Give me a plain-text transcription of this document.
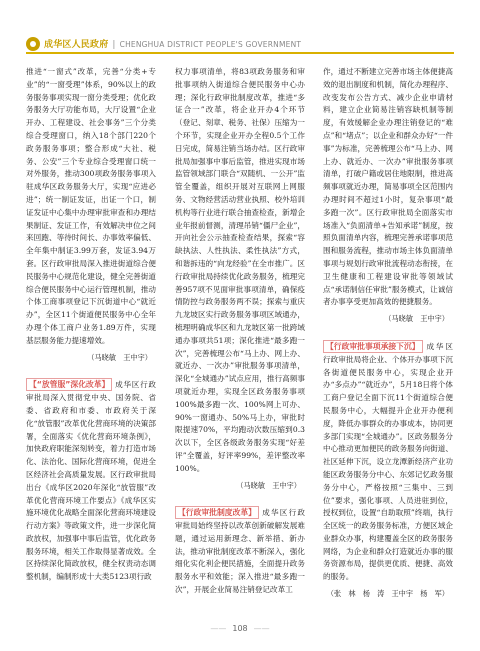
成华区人民政府 | CHENGHUA DISTRICT PEOPLE'S GOVERNMENT

推进“一窗式”改革，完善“分类+专业”的“一窗受理”体系，90%以上的政务服务事项实现一窗分类受理；优化政务服务大厅功能布局，大厅设置“企业开办、工程建设、社会事务”三个分类综合受理窗口，纳入18个部门220个政务服务事项；整合形成“大社、税务、公安”三个专业综合受理窗口统一对外服务，推动300项政务服务事项入驻成华区政务服务大厅，实现“应进必进”；统一制证发证，出证一个口，制证发证中心集中办理审批审查和办理结果制证、发证工作，有效解决申位之间来回跑、等待时间长、办事效率偏低、全年集中制证3.99万套，发证3.94万套。区行政审批局深入推进街道综合便民服务中心规范化建设，健全完善街道综合便民服务中心运行管理机制，推动个体工商事项登记下沉街道中心“就近办”，全区11个街道便民服务中心全年办理个体工商户业务1.89万件，实现基层服务能力提速增效。

（马晓敏　王中宇）

【“放管服”深化改革】 成华区行政审批局深入贯彻党中央、国务院、省委、省政府和市委、市政府关于深化“放管服”改革优化营商环境的决策部署，全面落实《优化营商环境条例》，加快政府职能深刻转变，着力打造市场化、法治化、国际化营商环境，促进全区经济社会高质量发展。区行政审批局出台《成华区2020年深化“放管服”改革优化营商环境工作要点》《成华区实施环境优化战略全面深化营商环境建设行动方案》等政策文件，进一步深化简政放权，加强事中事后监管，优化政务服务环境，相关工作取得显著成效。全区持续深化简政放权，健全权责动态调整机制，编制形成十大类5123项行政

权力事项清单，将83项政务服务和审批事项纳入街道综合便民服务中心办理；深化行政审批制度改革，推进“多证合一”改革，将企业开办4个环节（登记、刻章、税务、社保）压缩为一个环节，实现企业开办全程0.5个工作日完成，简易注销当场办结。区行政审批局加强事中事后监管，推进实现市场监管领域部门联合“双随机、一公开”监管全覆盖，组织开展对互联网上网服务、文物经营活动营业执照、校外培训机构等行业进行联合抽查检查，新增企业年报前督测，清理吊销“僵尸企业”，开向社会公示抽查检查结果，探索“容缺执法、人性执法、柔性执法”方式，和谐拆违的“向龙经验”在全市推广。区行政审批局持续优化政务服务，梳理完善957项不见面审批事项清单，确保疫情防控与政务服务两不误；探索与重庆九龙坡区实行政务服务事项区域通办，梳理明确成华区和九龙坡区第一批跨域通办事项共51项；深化推进“最多跑一次”，完善梳理公布“马上办、网上办、就近办、一次办”审批服务事项清单，深化“全城通办”试点应用，推行高频事项就近办理，实现全区政务服务事项100%最多跑一次、100%网上可办、90%一窗通办、50%马上办，审批时限提速70%，平均跑动次数压缩到0.3次以下，全区各级政务服务实现“好差评”全覆盖，好评率99%，差评整改率100%。

（马晓敏　王中宇）

【行政审批制度改革】 成华区行政审批局始终坚持以改革创新破解发展难题，通过运用新理念、新举措、新办法，推动审批制度改革不断深入，强化细化实化利企便民措施，全面提升政务服务水平和效能；深入推进“最多跑一次”，开展企业简易注销登记改革工

作，通过不断建立完善市场主体便捷高效的退出制度和机制，简化办理程序、改变发布公告方式、减少企业申请材料，建立企业简易注销容缺机制等制度，有效缓解企业办理注销登记的“难点”和“堵点”；以企业和群众办好“一件事”为标准，完善梳理公布“马上办、网上办、就近办、一次办”审批服务事项清单，打破户籍或居住地限制，推进高频事项就近办理，简易事项全区范围内办理时间不超过1小时，复杂事项“最多跑一次”。区行政审批局全面落实市场准入“负面清单+告知承诺”制度，按照负面清单内容，梳理完善承诺事项范围和服务流程，推动市场主体负面清单事项与规划行政审批流程动态衔接，在卫生健康和工程建设审批等领域试点“承诺制信任审批”服务模式，让诚信者办事享受更加高效的便捷服务。

（马晓敏　王中宇）

【行政审批事项承接下沉】 成华区行政审批局将企业、个体开办事项下沉各街道便民服务中心，实现企业开办“多点办”“就近办”，5月18日将个体工商户登记全面下沉11个街道综合便民服务中心，大幅提升企业开办便利度，降低办事群众的办事成本，协同更多部门实现“全城通办”。区政务服务分中心推动更加便民的政务服务向街道、社区延伸下沉，设立龙潭新经济产业功能区政务服务分中心、东郊记忆政务服务分中心，严格按照“三集中、三到位”要求，强化事项、人员进驻到位，授权到位，设置“自助取照”终端，执行全区统一的政务服务标准，方便区域企业群众办事，构建覆盖全区的政务服务网络，为企业和群众打造就近办事的服务资源布局，提供更优质、便捷、高效的服务。

（张　林　杨　涛　王中宇　杨　军）
—— 108 ——
